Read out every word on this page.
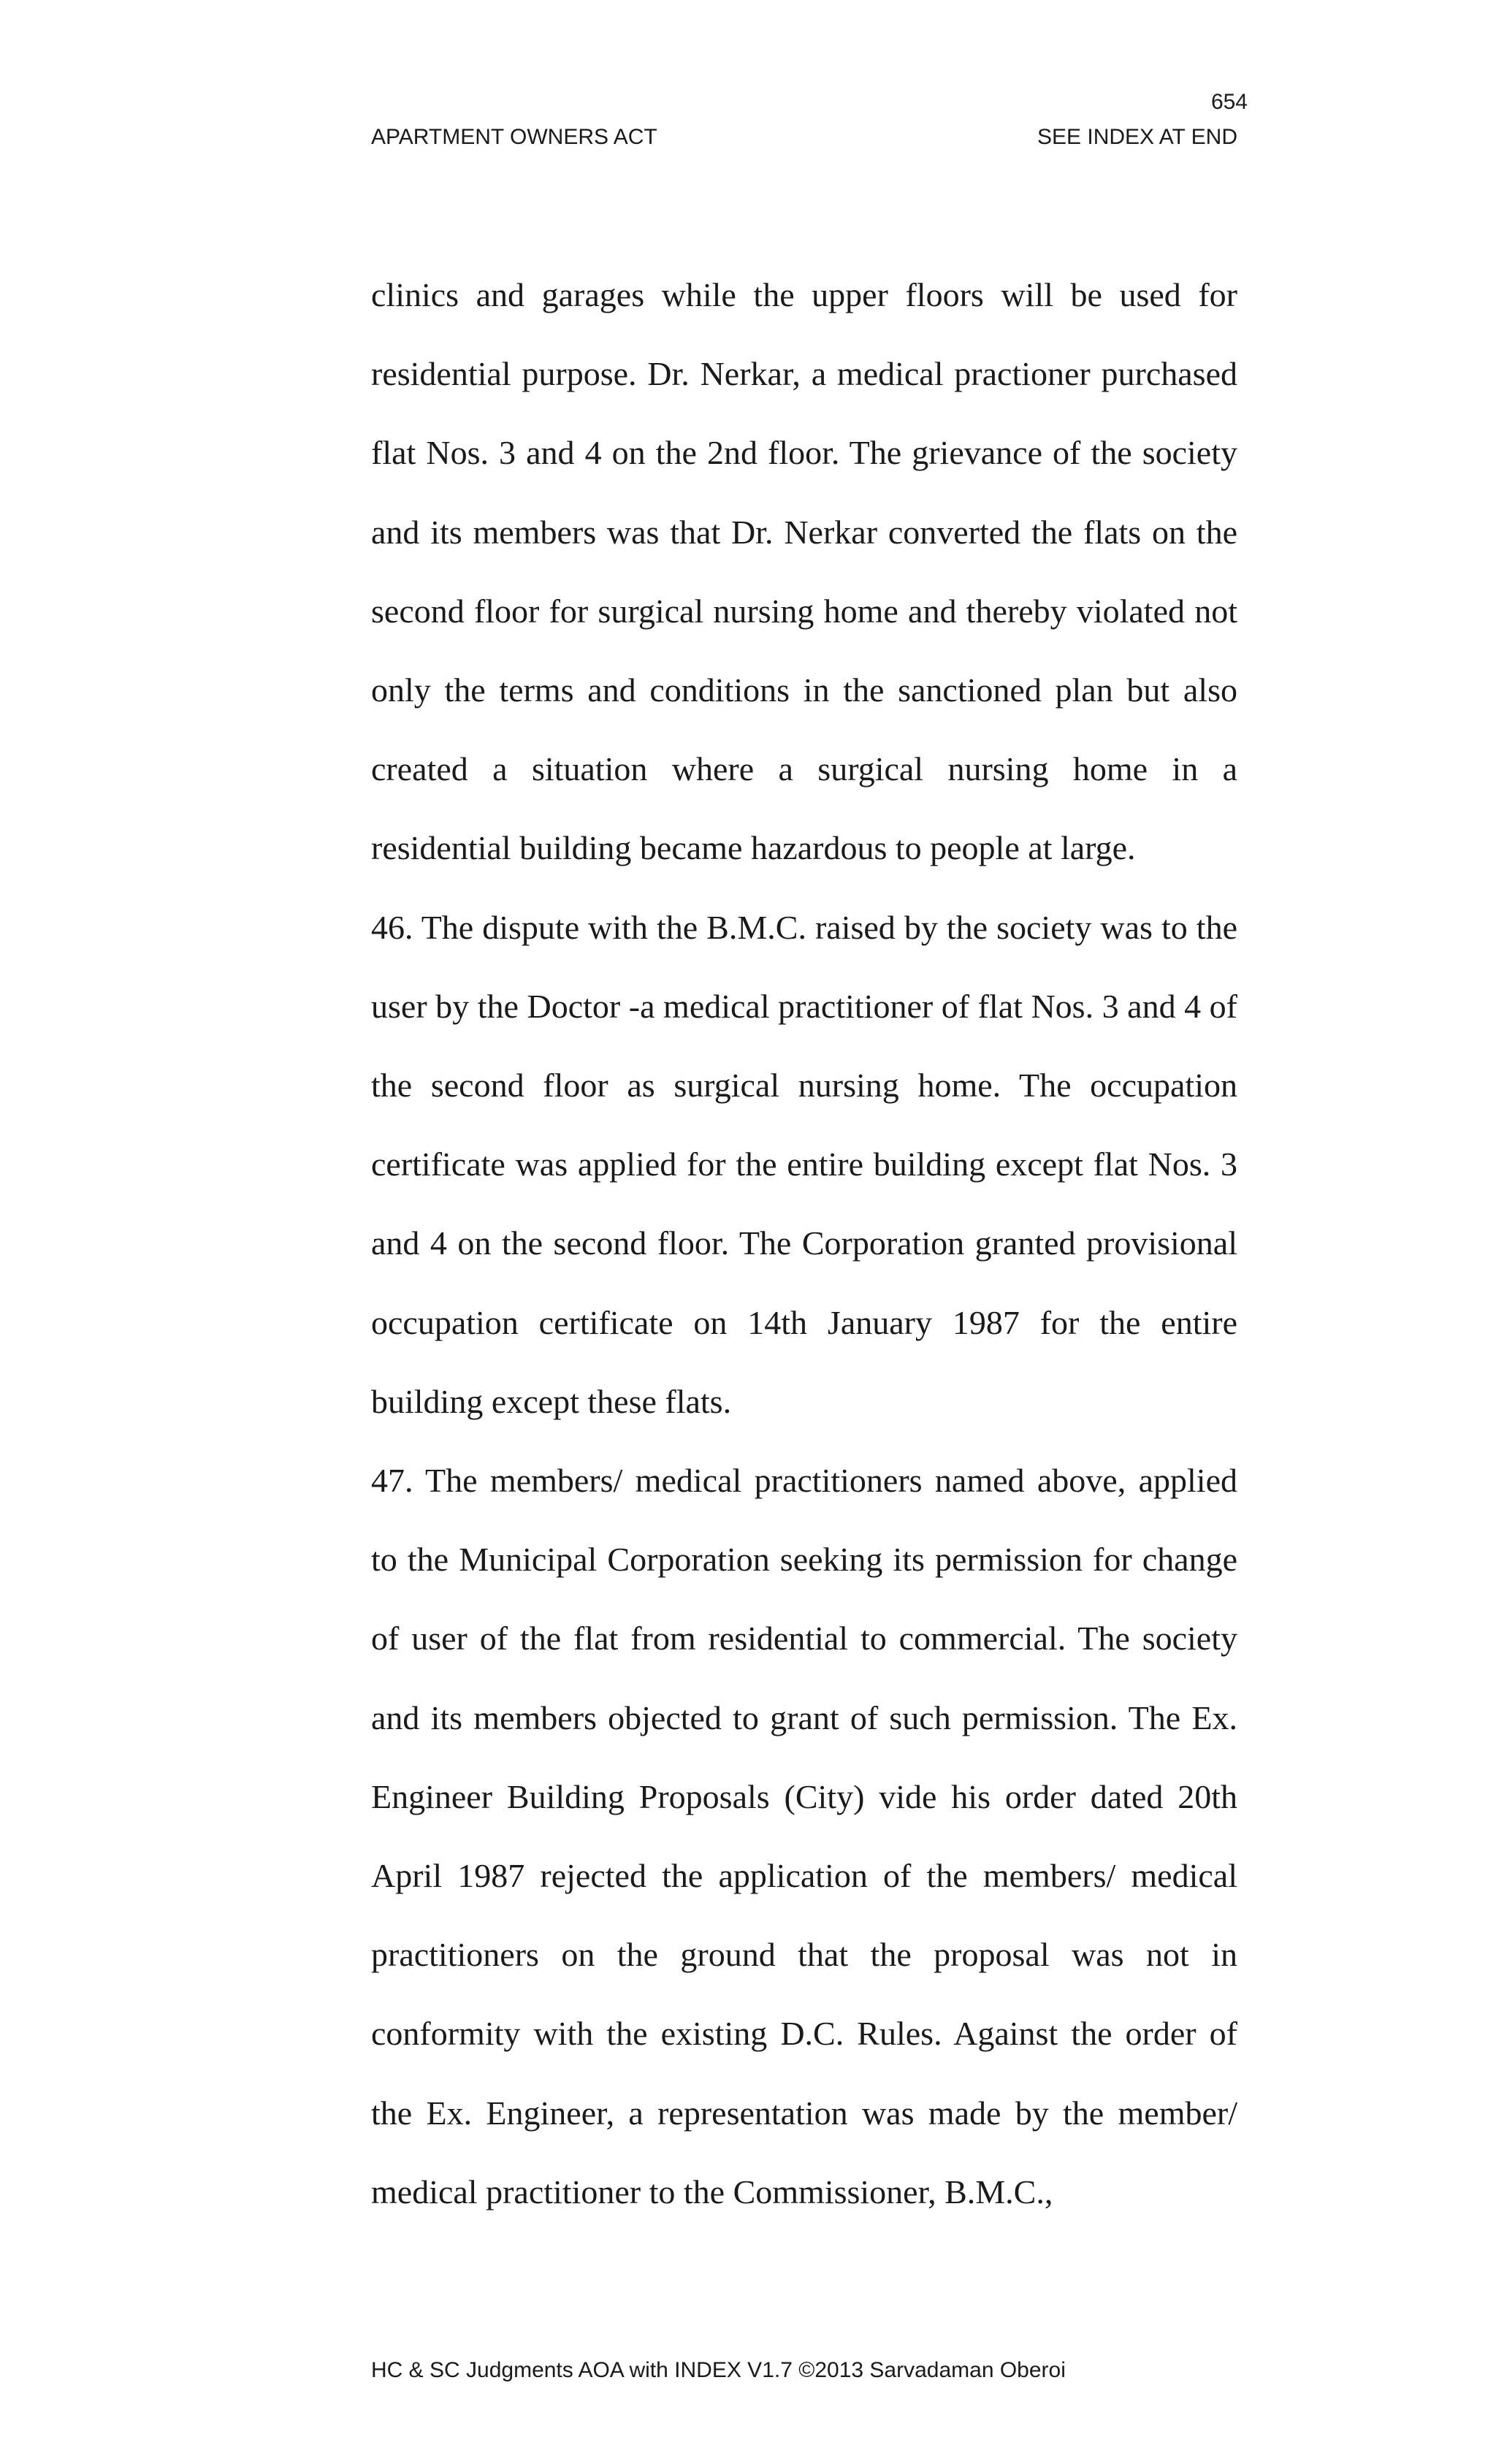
654
APARTMENT OWNERS ACT	SEE INDEX AT END

clinics and garages while the upper floors will be used for residential purpose. Dr. Nerkar, a medical practioner purchased flat Nos. 3 and 4 on the 2nd floor. The grievance of the society and its members was that Dr. Nerkar converted the flats on the second floor for surgical nursing home and thereby violated not only the terms and conditions in the sanctioned plan but also created a situation where a surgical nursing home in a residential building became hazardous to people at large.

46. The dispute with the B.M.C. raised by the society was to the user by the Doctor -a medical practitioner of flat Nos. 3 and 4 of the second floor as surgical nursing home. The occupation certificate was applied for the entire building except flat Nos. 3 and 4 on the second floor. The Corporation granted provisional occupation certificate on 14th January 1987 for the entire building except these flats.

47. The members/ medical practitioners named above, applied to the Municipal Corporation seeking its permission for change of user of the flat from residential to commercial. The society and its members objected to grant of such permission. The Ex. Engineer Building Proposals (City) vide his order dated 20th April 1987 rejected the application of the members/ medical practitioners on the ground that the proposal was not in conformity with the existing D.C. Rules. Against the order of the Ex. Engineer, a representation was made by the member/ medical practitioner to the Commissioner, B.M.C.,

HC & SC Judgments AOA with INDEX V1.7 ©2013 Sarvadaman Oberoi
